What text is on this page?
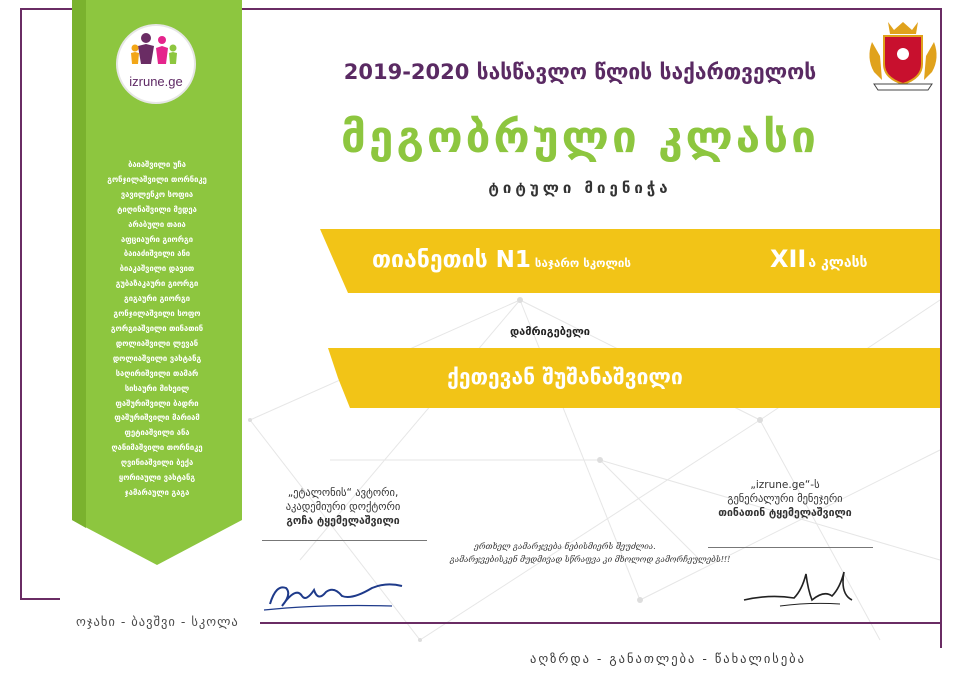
izrune.ge
ბაიაშვილი უჩა
გონჯილაშვილი თორნიკე
ვავილენკო სოფია
ტიღინაშვილი მედეა
არაბული თაია
აფციაური გიორგი
ბაიაძიშვილი ანი
ბიაკაშვილი დავით
გუბაზაკაური გიორგი
გიგაური გიორგი
გონჯილაშვილი სოფო
გორგიაშვილი თინათინ
დოლიაშვილი ლევან
დოლიაშვილი ვახტანგ
საღირიშვილი თამარ
სისაური მიხეილ
ფაშურიშვილი ბადრი
ფაშურიშვილი მარიამ
ფეტიაშვილი ანა
ღანიმაშვილი თორნიკე
ღვინიაშვილი ბექა
ყორიაული ვახტანგ
ჯამარაული გაგა
ოჯახი - ბავშვი - სკოლა
2019-2020 სასწავლო წლის საქართველოს
მეგობრული კლასი
ტიტული მიენიჭა
თიანეთის N1 საჯარო სკოლის	XII ა კლასს
დამრიგებელი
ქეთევან შუშანაშვილი
„ეტალონის“ ავტორი,
აკადემიური დოქტორი
გოჩა ტყემელაშვილი
„izrune.ge“-ს
გენერალური მენეჯერი
თინათინ ტყემელაშვილი
ერთხელ გამარჯვება ნებისმიერს შეუძლია.
გამარჯვებისკენ მუდმივად სწრაფვა კი მხოლოდ გამორჩეულებს!!!
აღზრდა - განათლება - წახალისება
